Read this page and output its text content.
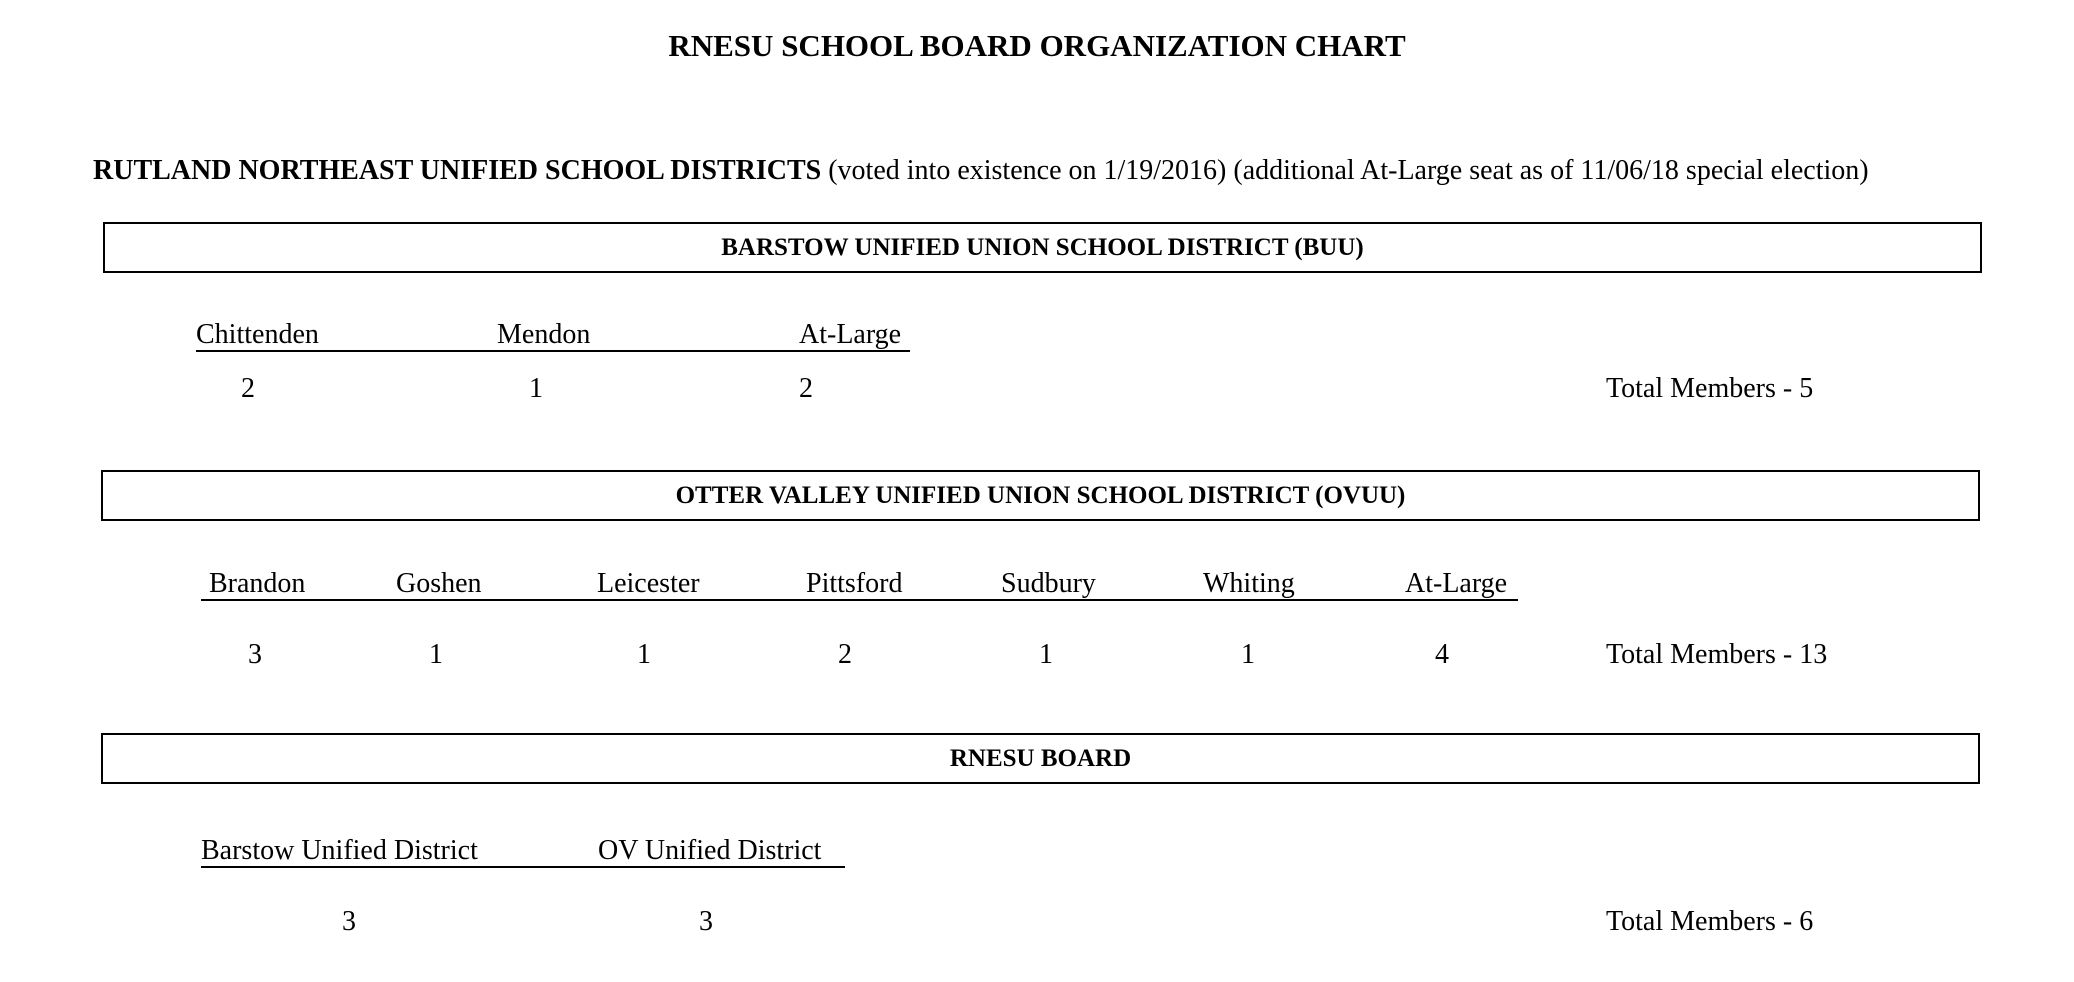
RNESU SCHOOL BOARD ORGANIZATION CHART
RUTLAND NORTHEAST UNIFIED SCHOOL DISTRICTS (voted into existence on 1/19/2016) (additional At-Large seat as of 11/06/18 special election)
BARSTOW UNIFIED UNION SCHOOL DISTRICT (BUU)
Chittenden	Mendon	At-Large
2	1	2	Total Members - 5
OTTER VALLEY UNIFIED UNION SCHOOL DISTRICT (OVUU)
Brandon	Goshen	Leicester	Pittsford	Sudbury	Whiting	At-Large
3	1	1	2	1	1	4	Total Members - 13
RNESU BOARD
Barstow Unified District	OV Unified District
3	3	Total Members - 6
